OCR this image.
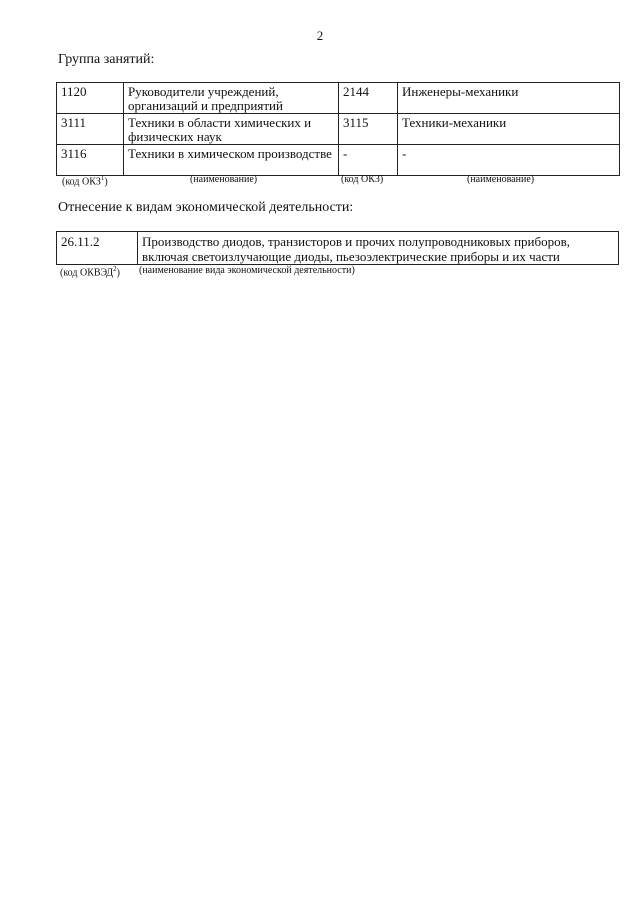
2
Группа занятий:
1120	Руководители учреждений, организаций и предприятий	2144	Инженеры-механики
3111	Техники в области химических и физических наук	3115	Техники-механики
3116	Техники в химическом производстве	-	-
(код ОКЗ$^1$)	(наименование)	(код ОКЗ)	(наименование)
Отнесение к видам экономической деятельности:
26.11.2	Производство диодов, транзисторов и прочих полупроводниковых приборов, включая светоизлучающие диоды, пьезоэлектрические приборы и их части
(код ОКВЭД$^2$) (наименование вида экономической деятельности)
